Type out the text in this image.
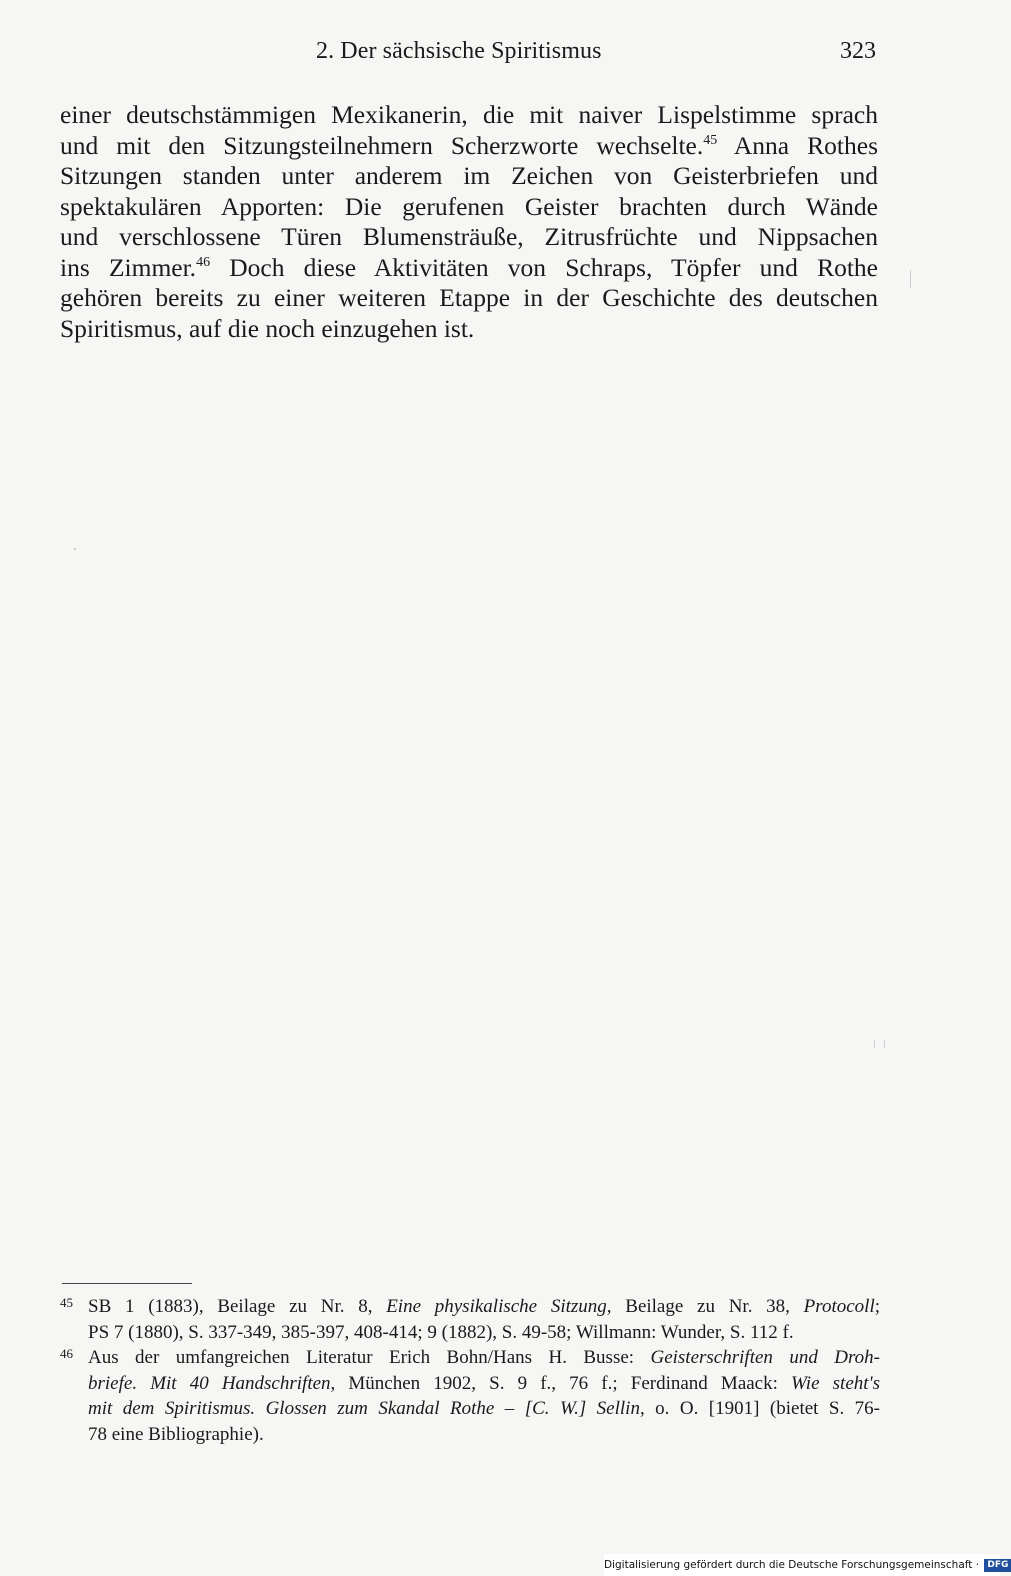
2. Der sächsische Spiritismus	323
einer deutschstämmigen Mexikanerin, die mit naiver Lispelstimme sprach
und mit den Sitzungsteilnehmern Scherzworte wechselte.$^{45}$ Anna Rothes
Sitzungen standen unter anderem im Zeichen von Geisterbriefen und
spektakulären Apporten: Die gerufenen Geister brachten durch Wände
und verschlossene Türen Blumensträuße, Zitrusfrüchte und Nippsachen
ins Zimmer.$^{46}$ Doch diese Aktivitäten von Schraps, Töpfer und Rothe
gehören bereits zu einer weiteren Etappe in der Geschichte des deutschen
Spiritismus, auf die noch einzugehen ist.
45 SB 1 (1883), Beilage zu Nr. 8, Eine physikalische Sitzung, Beilage zu Nr. 38, Protocoll;
PS 7 (1880), S. 337-349, 385-397, 408-414; 9 (1882), S. 49-58; Willmann: Wunder, S. 112 f.
46 Aus der umfangreichen Literatur Erich Bohn/Hans H. Busse: Geisterschriften und Droh-
briefe. Mit 40 Handschriften, München 1902, S. 9 f., 76 f.; Ferdinand Maack: Wie steht's
mit dem Spiritismus. Glossen zum Skandal Rothe – [C. W.] Sellin, o. O. [1901] (bietet S. 76-
78 eine Bibliographie).
Digitalisierung gefördert durch die Deutsche Forschungsgemeinschaft · DFG
